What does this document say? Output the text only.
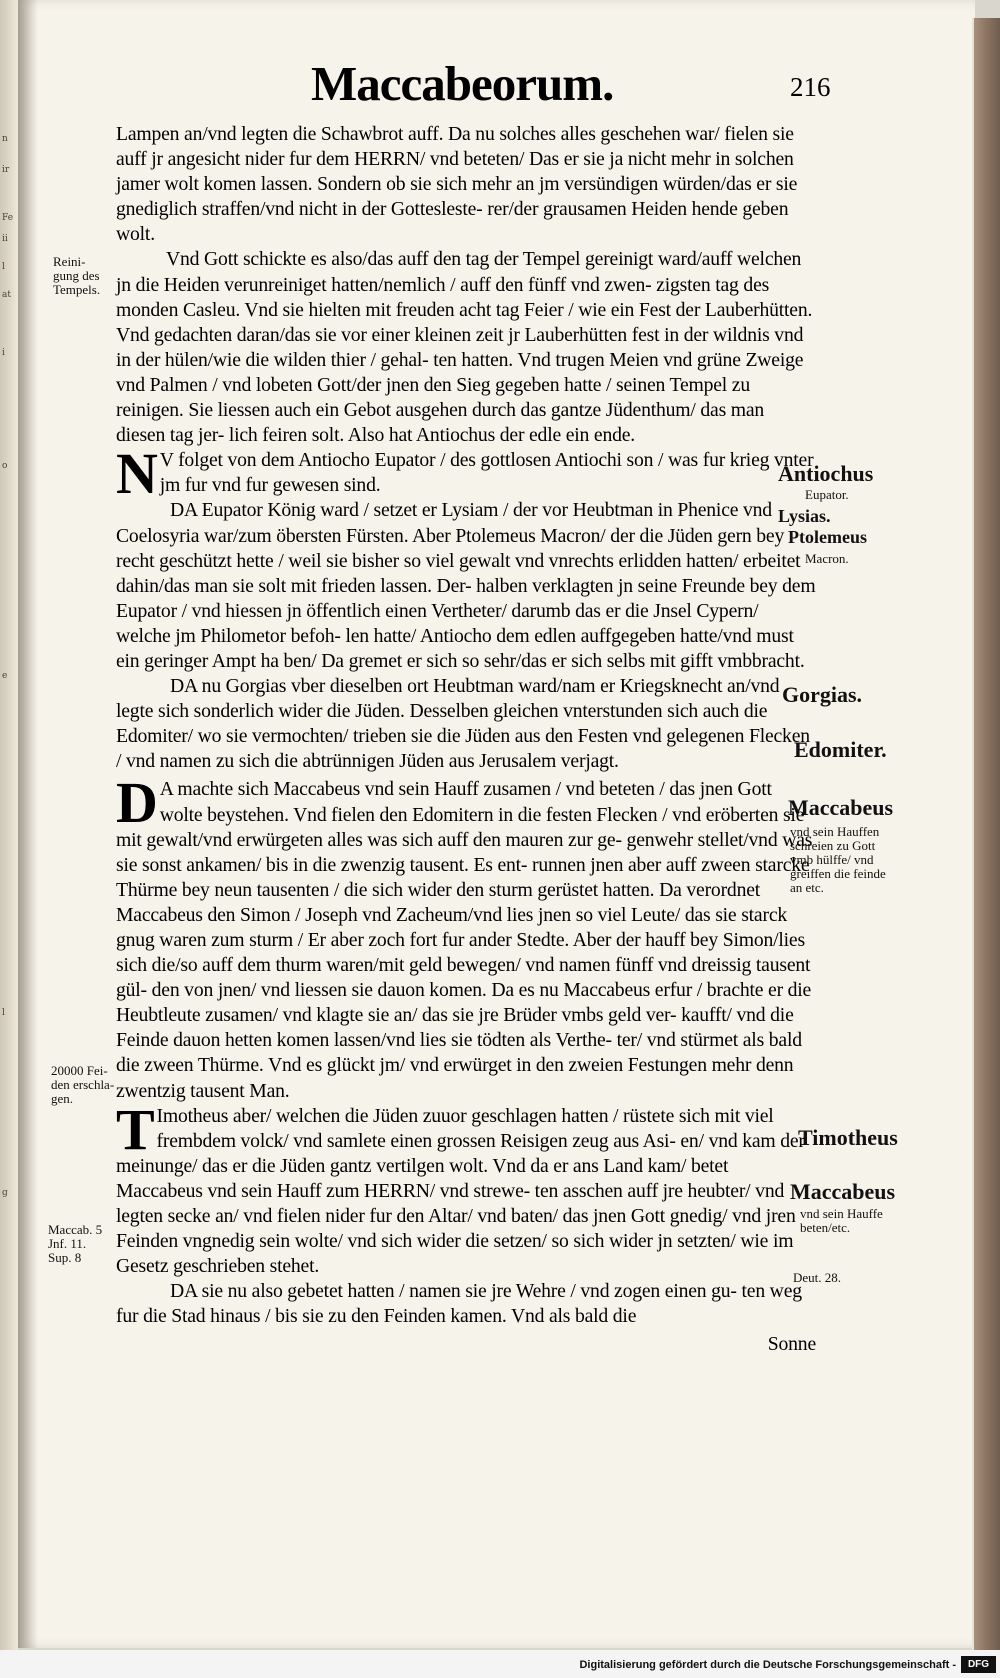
n
ir
Fe
ii
l
at
i
o
e
l
g
Maccabeorum.	216
Reini-
gung des
Tempels.
Antiochus
Eupator.
Lysias.
Ptolemeus
Macron.
Gorgias.
Edomiter.
Maccabeus
vnd sein Hauffen
schreien zu Gott
vmb hülffe/ vnd
greiffen die feinde
an etc.
20000 Fei-
den erschla-
gen.
Timotheus
Maccabeus
vnd sein Hauffe
beten/etc.
Maccab. 5
Jnf. 11.
Sup. 8
Deut. 28.

Lampen an/vnd legten die Schawbrot auff. Da nu solches alles geschehen war/ fielen sie auff jr angesicht nider fur dem HERRN/ vnd beteten/ Das er sie ja nicht mehr in solchen jamer wolt komen lassen. Sondern ob sie sich mehr an jm versündigen würden/das er sie gnediglich straffen/vnd nicht in der Gottesleste- rer/der grausamen Heiden hende geben wolt.

Vnd Gott schickte es also/das auff den tag der Tempel gereinigt ward/auff welchen jn die Heiden verunreiniget hatten/nemlich / auff den fünff vnd zwen- zigsten tag des monden Casleu. Vnd sie hielten mit freuden acht tag Feier / wie ein Fest der Lauberhütten. Vnd gedachten daran/das sie vor einer kleinen zeit jr Lauberhütten fest in der wildnis vnd in der hülen/wie die wilden thier / gehal- ten hatten. Vnd trugen Meien vnd grüne Zweige vnd Palmen / vnd lobeten Gott/der jnen den Sieg gegeben hatte / seinen Tempel zu reinigen. Sie liessen auch ein Gebot ausgehen durch das gantze Jüdenthum/ das man diesen tag jer- lich feiren solt. Also hat Antiochus der edle ein ende.

N V folget von dem Antiocho Eupator / des gottlosen Antiochi son / was fur krieg vnter jm fur vnd fur gewesen sind.

DA Eupator König ward / setzet er Lysiam / der vor Heubtman in Phenice vnd Coelosyria war/zum öbersten Fürsten. Aber Ptolemeus Macron/ der die Jüden gern bey recht geschützt hette / weil sie bisher so viel gewalt vnd vnrechts erlidden hatten/ erbeitet dahin/das man sie solt mit frieden lassen. Der- halben verklagten jn seine Freunde bey dem Eupator / vnd hiessen jn öffentlich einen Vertheter/ darumb das er die Jnsel Cypern/ welche jm Philometor befoh- len hatte/ Antiocho dem edlen auffgegeben hatte/vnd must ein geringer Ampt ha ben/ Da gremet er sich so sehr/das er sich selbs mit gifft vmbbracht.

DA nu Gorgias vber dieselben ort Heubtman ward/nam er Kriegsknecht an/vnd legte sich sonderlich wider die Jüden. Desselben gleichen vnterstunden sich auch die Edomiter/ wo sie vermochten/ trieben sie die Jüden aus den Festen vnd gelegenen Flecken / vnd namen zu sich die abtrünnigen Jüden aus Jerusalem verjagt.

D A machte sich Maccabeus vnd sein Hauff zusamen / vnd beteten / das jnen Gott wolte beystehen. Vnd fielen den Edomitern in die festen Flecken / vnd eröberten sie mit gewalt/vnd erwürgeten alles was sich auff den mauren zur ge- genwehr stellet/vnd was sie sonst ankamen/ bis in die zwenzig tausent. Es ent- runnen jnen aber auff zween starcke Thürme bey neun tausenten / die sich wider den sturm gerüstet hatten. Da verordnet Maccabeus den Simon / Joseph vnd Zacheum/vnd lies jnen so viel Leute/ das sie starck gnug waren zum sturm / Er aber zoch fort fur ander Stedte. Aber der hauff bey Simon/lies sich die/so auff dem thurm waren/mit geld bewegen/ vnd namen fünff vnd dreissig tausent gül- den von jnen/ vnd liessen sie dauon komen. Da es nu Maccabeus erfur / brachte er die Heubtleute zusamen/ vnd klagte sie an/ das sie jre Brüder vmbs geld ver- kaufft/ vnd die Feinde dauon hetten komen lassen/vnd lies sie tödten als Verthe- ter/ vnd stürmet als bald die zween Thürme. Vnd es glückt jm/ vnd erwürget in den zweien Festungen mehr denn zwentzig tausent Man.

T Imotheus aber/ welchen die Jüden zuuor geschlagen hatten / rüstete sich mit viel frembdem volck/ vnd samlete einen grossen Reisigen zeug aus Asi- en/ vnd kam der meinunge/ das er die Jüden gantz vertilgen wolt. Vnd da er ans Land kam/ betet Maccabeus vnd sein Hauff zum HERRN/ vnd strewe- ten asschen auff jre heubter/ vnd legten secke an/ vnd fielen nider fur den Altar/ vnd baten/ das jnen Gott gnedig/ vnd jren Feinden vngnedig sein wolte/ vnd sich wider die setzen/ so sich wider jn setzten/ wie im Gesetz geschrieben stehet.

DA sie nu also gebetet hatten / namen sie jre Wehre / vnd zogen einen gu- ten weg fur die Stad hinaus / bis sie zu den Feinden kamen. Vnd als bald die

Sonne

Digitalisierung gefördert durch die Deutsche Forschungsgemeinschaft -	DFG
